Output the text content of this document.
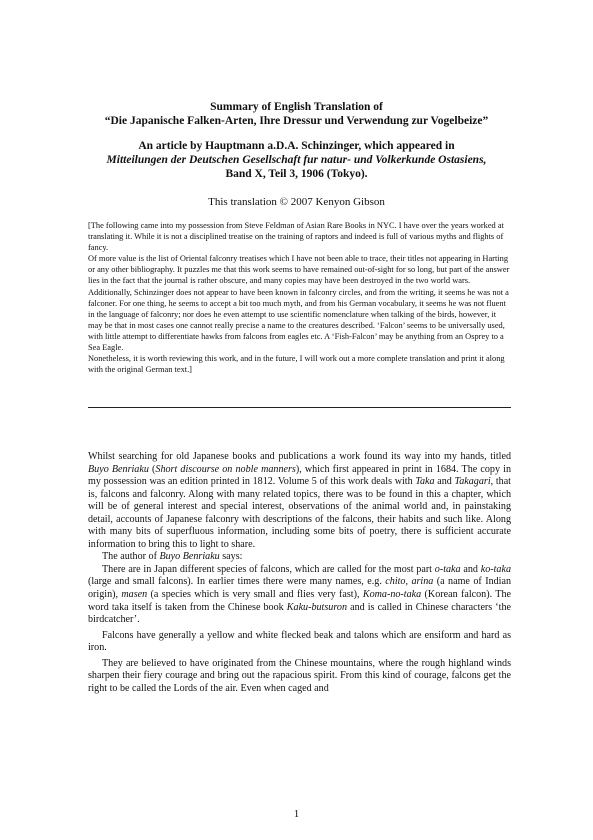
Summary of English Translation of
“Die Japanische Falken-Arten, Ihre Dressur und Verwendung zur Vogelbeize”
An article by Hauptmann a.D.A. Schinzinger, which appeared in
Mitteilungen der Deutschen Gesellschaft fur natur- und Volkerkunde Ostasiens,
Band X, Teil 3, 1906 (Tokyo).
This translation © 2007 Kenyon Gibson

[The following came into my possession from Steve Feldman of Asian Rare Books in NYC. I have over the years worked at translating it. While it is not a disciplined treatise on the training of raptors and indeed is full of various myths and flights of fancy.

Of more value is the list of Oriental falconry treatises which I have not been able to trace, their titles not appearing in Harting or any other bibliography. It puzzles me that this work seems to have remained out-of-sight for so long, but part of the answer lies in the fact that the journal is rather obscure, and many copies may have been destroyed in the two world wars. Additionally, Schinzinger does not appear to have been known in falconry circles, and from the writing, it seems he was not a falconer. For one thing, he seems to accept a bit too much myth, and from his German vocabulary, it seems he was not fluent in the language of falconry; nor does he even attempt to use scientific nomenclature when talking of the birds, however, it may be that in most cases one cannot really precise a name to the creatures described. ‘Falcon’ seems to be universally used, with little attempt to differentiate hawks from falcons from eagles etc. A ‘Fish-Falcon’ may be anything from an Osprey to a Sea Eagle.

Nonetheless, it is worth reviewing this work, and in the future, I will work out a more complete translation and print it along with the original German text.]

Whilst searching for old Japanese books and publications a work found its way into my hands, titled Buyo Benriaku (Short discourse on noble manners), which first appeared in print in 1684. The copy in my possession was an edition printed in 1812. Volume 5 of this work deals with Taka and Takagari, that is, falcons and falconry. Along with many related topics, there was to be found in this a chapter, which will be of general interest and special interest, observations of the animal world and, in painstaking detail, accounts of Japanese falconry with descriptions of the falcons, their habits and such like. Along with many bits of superfluous information, including some bits of poetry, there is sufficient accurate information to bring this to light to share.

The author of Buyo Benriaku says:

There are in Japan different species of falcons, which are called for the most part o-taka and ko-taka (large and small falcons). In earlier times there were many names, e.g. chito, arina (a name of Indian origin), masen (a species which is very small and flies very fast), Koma-no-taka (Korean falcon). The word taka itself is taken from the Chinese book Kaku-butsuron and is called in Chinese characters ‘the birdcatcher’.

Falcons have generally a yellow and white flecked beak and talons which are ensiform and hard as iron.

They are believed to have originated from the Chinese mountains, where the rough highland winds sharpen their fiery courage and bring out the rapacious spirit. From this kind of courage, falcons get the right to be called the Lords of the air. Even when caged and

1
